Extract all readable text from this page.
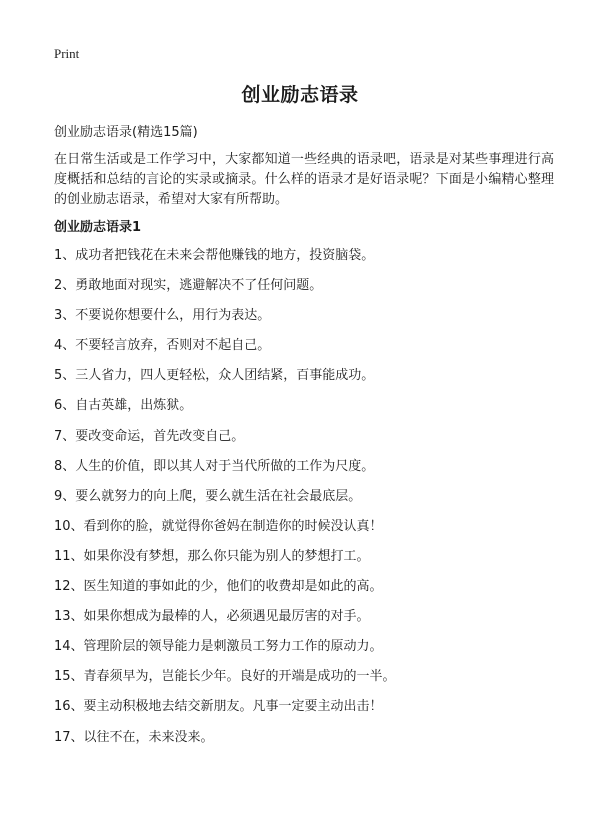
Print
创业励志语录

创业励志语录(精选15篇)

在日常生活或是工作学习中，大家都知道一些经典的语录吧，语录是对某些事理进行高度概括和总结的言论的实录或摘录。什么样的语录才是好语录呢？下面是小编精心整理的创业励志语录，希望对大家有所帮助。

创业励志语录1
1、成功者把钱花在未来会帮他赚钱的地方，投资脑袋。
2、勇敢地面对现实，逃避解决不了任何问题。
3、不要说你想要什么，用行为表达。
4、不要轻言放弃，否则对不起自己。
5、三人省力，四人更轻松，众人团结紧，百事能成功。
6、自古英雄，出炼狱。
7、要改变命运，首先改变自己。
8、人生的价值，即以其人对于当代所做的工作为尺度。
9、要么就努力的向上爬，要么就生活在社会最底层。
10、看到你的脸，就觉得你爸妈在制造你的时候没认真！
11、如果你没有梦想，那么你只能为别人的梦想打工。
12、医生知道的事如此的少，他们的收费却是如此的高。
13、如果你想成为最棒的人，必须遇见最厉害的对手。
14、管理阶层的领导能力是刺激员工努力工作的原动力。
15、青春须早为，岂能长少年。良好的开端是成功的一半。
16、要主动积极地去结交新朋友。凡事一定要主动出击！
17、以往不在，未来没来。
